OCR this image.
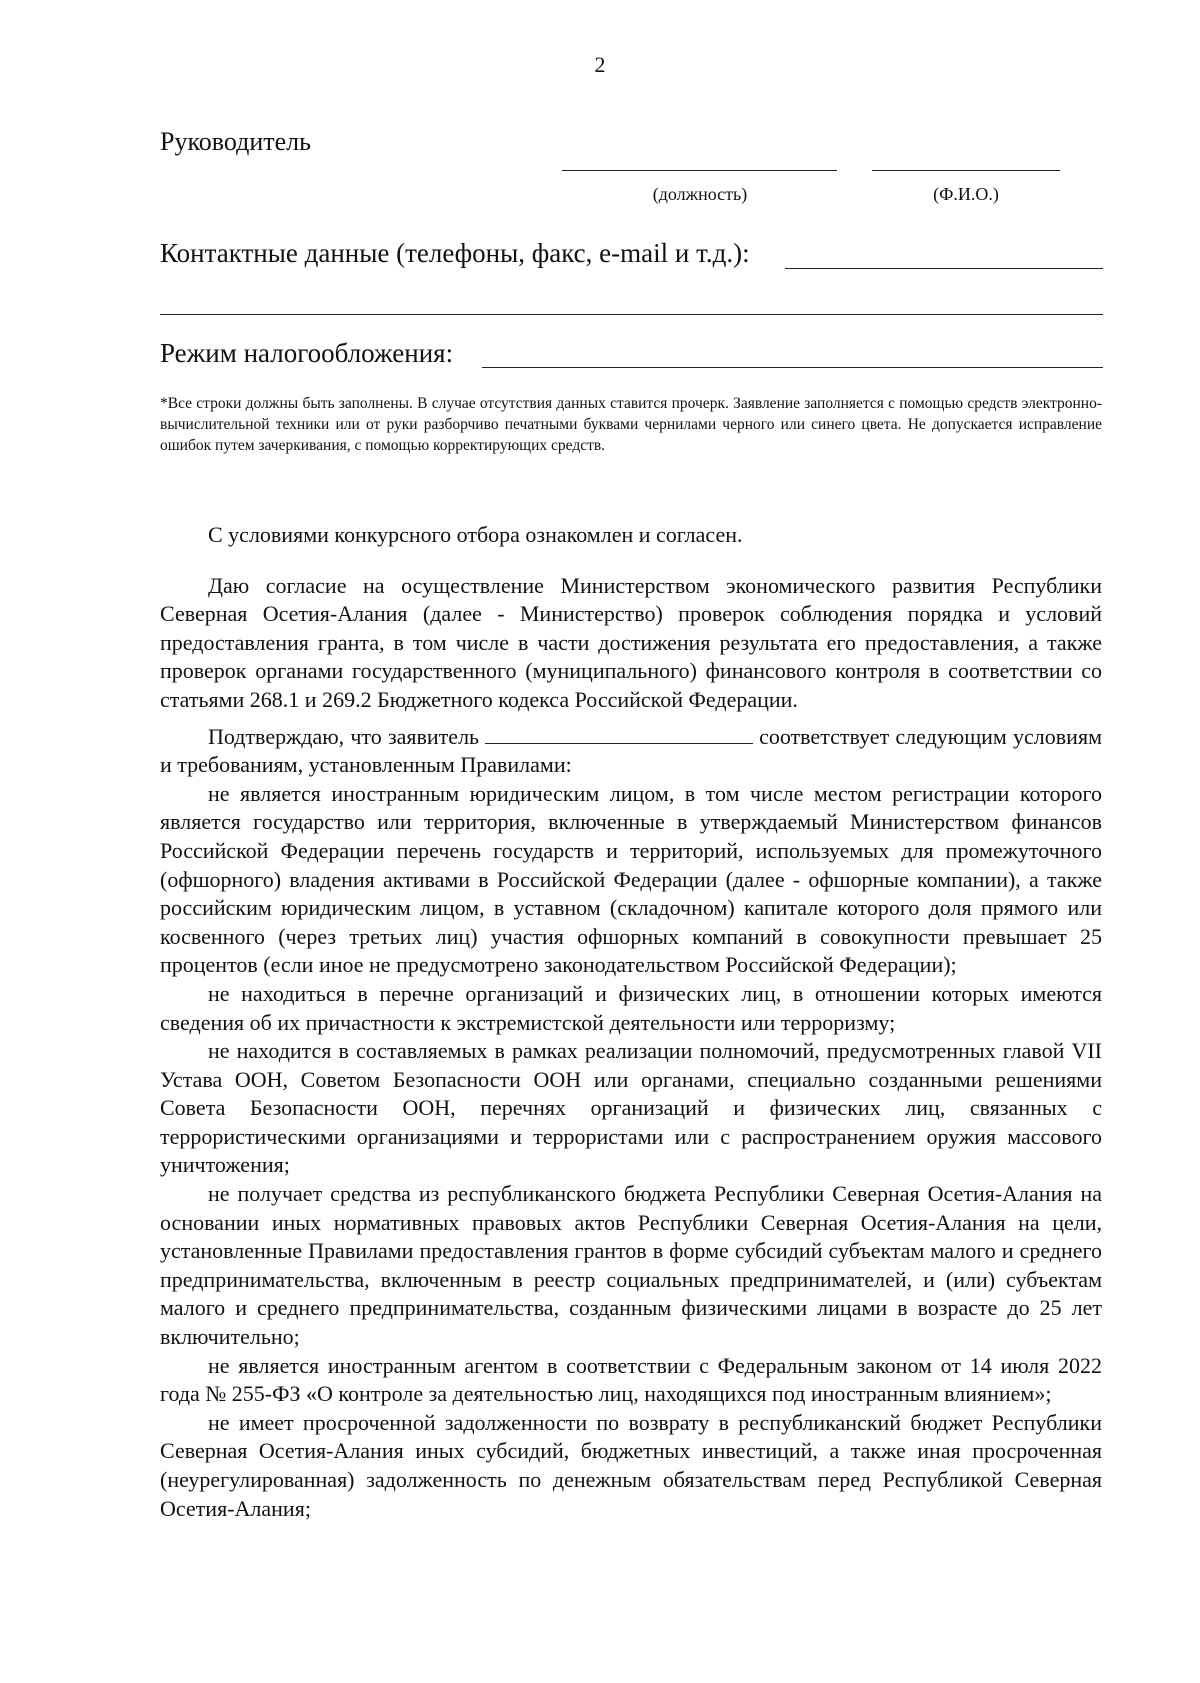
2
Руководитель
(должность)	(Ф.И.О.)
Контактные данные (телефоны, факс, e-mail и т.д.):
Режим налогообложения:
*Все строки должны быть заполнены. В случае отсутствия данных ставится прочерк. Заявление заполняется с помощью средств электронно-вычислительной техники или от руки разборчиво печатными буквами чернилами черного или синего цвета. Не допускается исправление ошибок путем зачеркивания, с помощью корректирующих средств.

С условиями конкурсного отбора ознакомлен и согласен.

Даю согласие на осуществление Министерством экономического развития Республики Северная Осетия-Алания (далее - Министерство) проверок соблюдения порядка и условий предоставления гранта, в том числе в части достижения результата его предоставления, а также проверок органами государственного (муниципального) финансового контроля в соответствии со статьями 268.1 и 269.2 Бюджетного кодекса Российской Федерации.

Подтверждаю, что заявитель	соответствует следующим условиям и требованиям, установленным Правилами:

не является иностранным юридическим лицом, в том числе местом регистрации которого является государство или территория, включенные в утверждаемый Министерством финансов Российской Федерации перечень государств и территорий, используемых для промежуточного (офшорного) владения активами в Российской Федерации (далее - офшорные компании), а также российским юридическим лицом, в уставном (складочном) капитале которого доля прямого или косвенного (через третьих лиц) участия офшорных компаний в совокупности превышает 25 процентов (если иное не предусмотрено законодательством Российской Федерации);

не находиться в перечне организаций и физических лиц, в отношении которых имеются сведения об их причастности к экстремистской деятельности или терроризму;

не находится в составляемых в рамках реализации полномочий, предусмотренных главой VII Устава ООН, Советом Безопасности ООН или органами, специально созданными решениями Совета Безопасности ООН, перечнях организаций и физических лиц, связанных с террористическими организациями и террористами или с распространением оружия массового уничтожения;

не получает средства из республиканского бюджета Республики Северная Осетия-Алания на основании иных нормативных правовых актов Республики Северная Осетия-Алания на цели, установленные Правилами предоставления грантов в форме субсидий субъектам малого и среднего предпринимательства, включенным в реестр социальных предпринимателей, и (или) субъектам малого и среднего предпринимательства, созданным физическими лицами в возрасте до 25 лет включительно;

не является иностранным агентом в соответствии с Федеральным законом от 14 июля 2022 года № 255-ФЗ «О контроле за деятельностью лиц, находящихся под иностранным влиянием»;

не имеет просроченной задолженности по возврату в республиканский бюджет Республики Северная Осетия-Алания иных субсидий, бюджетных инвестиций, а также иная просроченная (неурегулированная) задолженность по денежным обязательствам перед Республикой Северная Осетия-Алания;
